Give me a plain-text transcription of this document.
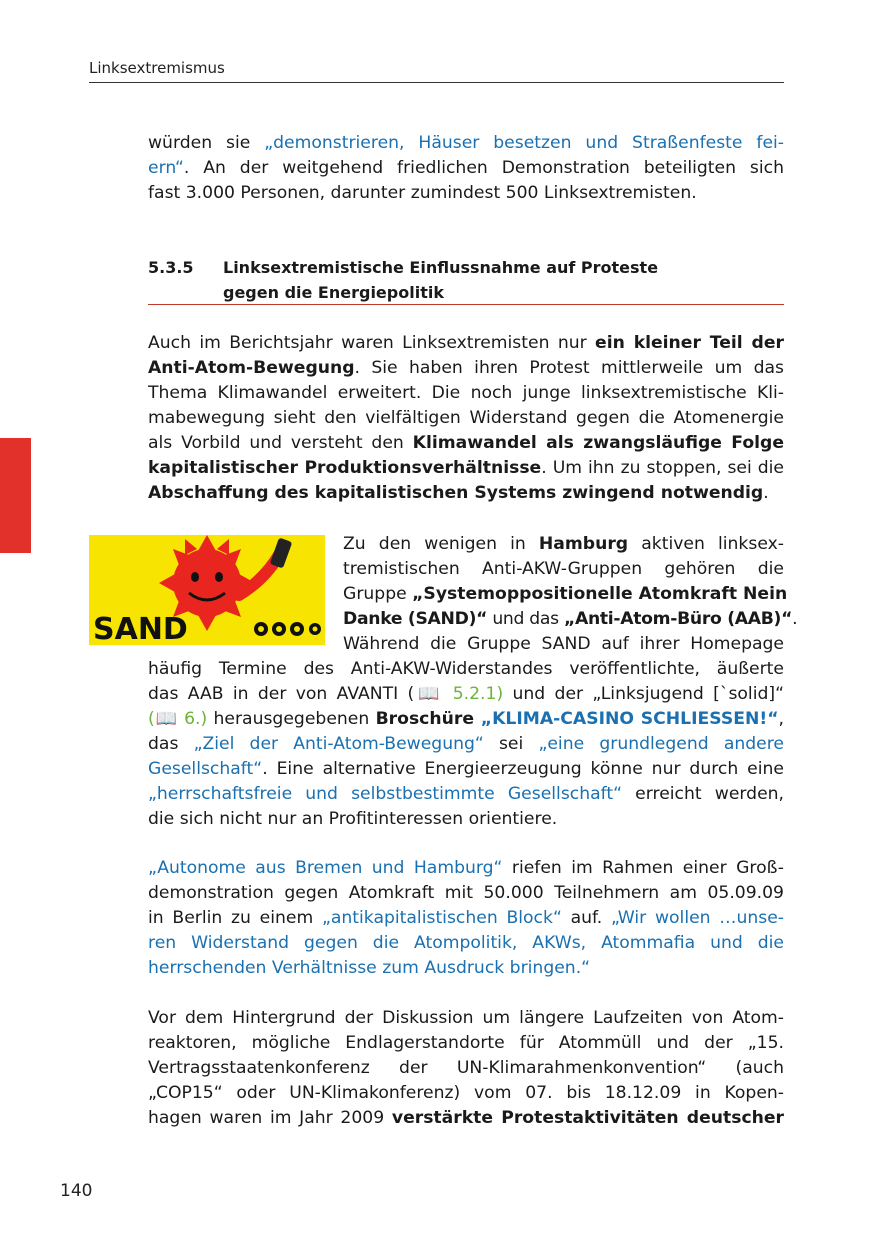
Linksextremismus
würden sie „demonstrieren, Häuser besetzen und Straßenfeste fei-
ern“. An der weitgehend friedlichen Demonstration beteiligten sich
fast 3.000 Personen, darunter zumindest 500 Linksextremisten.
5.3.5 Linksextremistische Einflussnahme auf Proteste
gegen die Energiepolitik
Auch im Berichtsjahr waren Linksextremisten nur ein kleiner Teil der
Anti-Atom-Bewegung. Sie haben ihren Protest mittlerweile um das
Thema Klimawandel erweitert. Die noch junge linksextremistische Kli-
mabewegung sieht den vielfältigen Widerstand gegen die Atomenergie
als Vorbild und versteht den Klimawandel als zwangsläufige Folge
kapitalistischer Produktionsverhältnisse. Um ihn zu stoppen, sei die
Abschaffung des kapitalistischen Systems zwingend notwendig.
SAND
Zu den wenigen in Hamburg aktiven linksex-
tremistischen Anti-AKW-Gruppen gehören die
Gruppe „Systemoppositionelle Atomkraft Nein
Danke (SAND)“ und das „Anti-Atom-Büro (AAB)“.
Während die Gruppe SAND auf ihrer Homepage
häufig Termine des Anti-AKW-Widerstandes veröffentlichte, äußerte
das AAB in der von AVANTI (📖 5.2.1) und der „Linksjugend [`solid]“
(📖 6.) herausgegebenen Broschüre „KLIMA-CASINO SCHLIESSEN!“,
das „Ziel der Anti-Atom-Bewegung“ sei „eine grundlegend andere
Gesellschaft“. Eine alternative Energieerzeugung könne nur durch eine
„herrschaftsfreie und selbstbestimmte Gesellschaft“ erreicht werden,
die sich nicht nur an Profitinteressen orientiere.
„Autonome aus Bremen und Hamburg“ riefen im Rahmen einer Groß-
demonstration gegen Atomkraft mit 50.000 Teilnehmern am 05.09.09
in Berlin zu einem „antikapitalistischen Block“ auf. „Wir wollen …unse-
ren Widerstand gegen die Atompolitik, AKWs, Atommafia und die
herrschenden Verhältnisse zum Ausdruck bringen.“
Vor dem Hintergrund der Diskussion um längere Laufzeiten von Atom-
reaktoren, mögliche Endlagerstandorte für Atommüll und der „15.
Vertragsstaatenkonferenz der UN-Klimarahmenkonvention“ (auch
„COP15“ oder UN-Klimakonferenz) vom 07. bis 18.12.09 in Kopen-
hagen waren im Jahr 2009 verstärkte Protestaktivitäten deutscher
140
